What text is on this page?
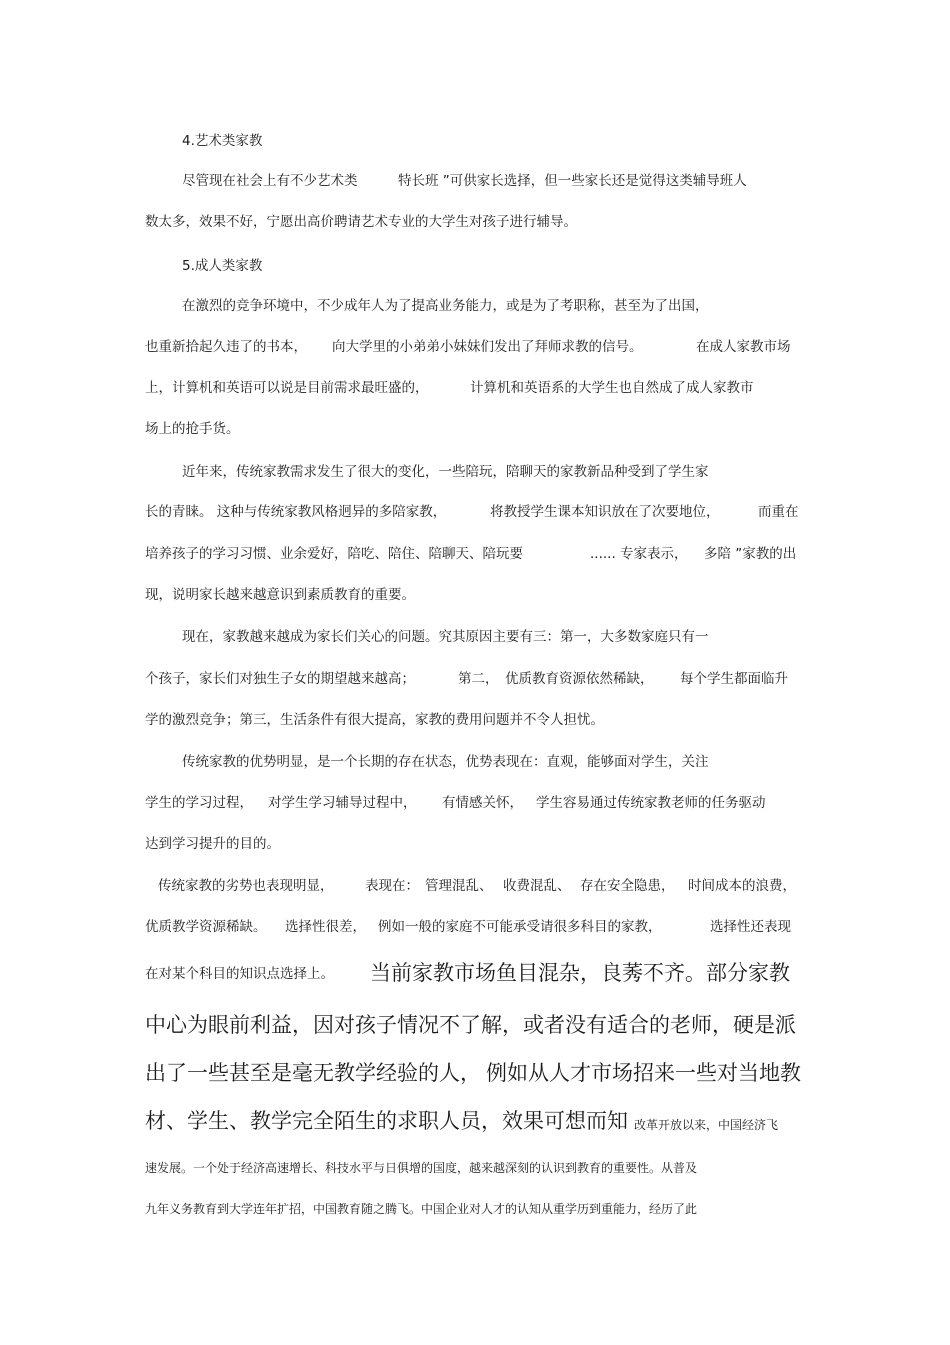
4.艺术类家教
尽管现在社会上有不少艺术类	特长班 ”可供家长选择，但一些家长还是觉得这类辅导班人
数太多，效果不好，宁愿出高价聘请艺术专业的大学生对孩子进行辅导。
5.成人类家教
在激烈的竞争环境中，不少成年人为了提高业务能力，或是为了考职称，甚至为了出国，
也重新拾起久违了的书本， 向大学里的小弟弟小妹妹们发出了拜师求教的信号。	在成人家教市场
上，计算机和英语可以说是目前需求最旺盛的，	计算机和英语系的大学生也自然成了成人家教市
场上的抢手货。
近年来，传统家教需求发生了很大的变化，一些陪玩，陪聊天的家教新品种受到了学生家
长的青睐。 这种与传统家教风格迥异的多陪家教，	将教授学生课本知识放在了次要地位，	而重在
培养孩子的学习习惯、业余爱好，陪吃、陪住、陪聊天、陪玩要	...... 专家表示， 多陪 ”家教的出
现，说明家长越来越意识到素质教育的重要。
现在，家教越来越成为家长们关心的问题。究其原因主要有三：第一，大多数家庭只有一
个孩子，家长们对独生子女的期望越来越高；	第二， 优质教育资源依然稀缺， 每个学生都面临升
学的激烈竞争；第三，生活条件有很大提高，家教的费用问题并不令人担忧。
传统家教的优势明显，是一个长期的存在状态，优势表现在：直观，能够面对学生，关注
学生的学习过程， 对学生学习辅导过程中， 有情感关怀， 学生容易通过传统家教老师的任务驱动
达到学习提升的目的。
传统家教的劣势也表现明显， 表现在： 管理混乱、 收费混乱、 存在安全隐患， 时间成本的浪费，
优质教学资源稀缺。 选择性很差， 例如一般的家庭不可能承受请很多科目的家教，	选择性还表现
在对某个科目的知识点选择上。 当前家教市场鱼目混杂，良莠不齐。部分家教
中心为眼前利益，因对孩子情况不了解，或者没有适合的老师，硬是派
出了一些甚至是毫无教学经验的人， 例如从人才市场招来一些对当地教
材、学生、教学完全陌生的求职人员，效果可想而知 改革开放以来，中国经济飞
速发展。一个处于经济高速增长、科技水平与日俱增的国度，越来越深刻的认识到教育的重要性。从普及
九年义务教育到大学连年扩招，中国教育随之腾飞。中国企业对人才的认知从重学历到重能力，经历了此
